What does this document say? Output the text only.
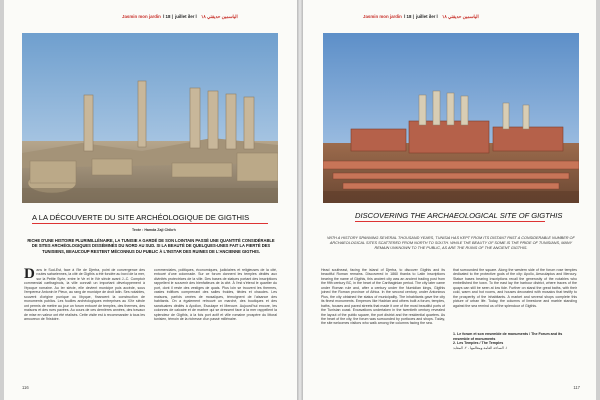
Jasmin mon jardin l 18 | juillet iler l الياسمين حديقتي ١٨
A LA DÉCOUVERTE DU SITE ARCHÉOLOGIQUE DE GIGTHIS
Texte : Hamda Zaji Chikrh
RICHE D'UNE HISTOIRE PLURIMILLÉNAIRE, LA TUNISIE A GARDÉ DE SON LOINTAIN PASSÉ UNE QUANTITÉ CONSIDÉRABLE DE SITES ARCHÉOLOGIQUES DISSÉMINÉS DU NORD AU SUD. SI LA BEAUTÉ DE QUELQUES-UNES FAIT LA FIERTÉ DES TUNISIENS, BEAUCOUP RESTENT MÉCONNUS DU PUBLIC À L'INSTAR DES RUINES DE L'ANCIENNE GIGTHIS.
Dans le Sud-Est, face à l'île de Djerba, point de convergence des routes sahariennes, la cité de Gigthis a été fondée au bord de la mer, sur la Petite Syrte, entre le Ve et le IVe siècle avant J.-C. Comptoir commercial carthaginois, la ville connaît un important développement à l'époque romaine. Au Ier siècle, elle devient municipe puis accède, sous l'empereur Antonin le Pieux, au rang de municipe de droit latin. Ses notables, souvent d'origine punique ou libyque, financent la construction de monuments publics. Les fouilles archéologiques entreprises au XXe siècle ont permis de mettre au jour un forum entouré de temples, des thermes, des maisons et des rues pavées. Au cours de ces dernières années, des travaux de mise en valeur ont été réalisés. Cette visite est à recommander à tous les amoureux de l'histoire.
commerciales, politiques, économiques, judiciaires et religieuses de la cité, entouré d'une colonnade. Sur ce forum donnent les temples dédiés aux divinités protectrices de la ville. Des bases de statues portant des inscriptions rappellent le souvenir des bienfaiteurs de la cité. À l'est s'étend le quartier du port, dont il reste des vestiges de quais. Plus loin se trouvent les thermes, vastes édifices comprenant des salles froides, tièdes et chaudes. Les maisons, parfois ornées de mosaïques, témoignent de l'aisance des habitants. On a également retrouvé un marché, des boutiques et des sanctuaires dédiés à Apollon, Esculape et Mercure. Aujourd'hui encore, les colonnes de calcaire et de marbre qui se dressent face à la mer rappellent la splendeur de Gigthis, à la fois port actif et ville romaine prospère du littoral tunisien, témoin de la richesse d'un passé millénaire.
116
Jasmin mon jardin l 18 | juillet iler l الياسمين حديقتي ١٨
DISCOVERING THE ARCHAEOLOGICAL SITE OF GIGTHIS
WITH A HISTORY SPANNING SEVERAL THOUSAND YEARS, TUNISIA HAS KEPT FROM ITS DISTANT PAST A CONSIDERABLE NUMBER OF ARCHAEOLOGICAL SITES SCATTERED FROM NORTH TO SOUTH. WHILE THE BEAUTY OF SOME IS THE PRIDE OF TUNISIANS, MANY REMAIN UNKNOWN TO THE PUBLIC, AS ARE THE RUINS OF THE ANCIENT GIGTHIS.
Head southeast, facing the island of Djerba, to discover Gigthis and its beautiful Roman remains. Discovered in 1860 thanks to Latin inscriptions bearing the name of Gigthis, this ancient city was an ancient trading post from the fifth century BC, in the heart of the Carthaginian period. The city later came under Roman rule and, after a century under the Numidian kings, Gigthis joined the Roman province of Africa. In the second century, under Antoninus Pius, the city obtained the status of municipality. The inhabitants gave the city its finest monuments. Emperors like Hadrian and others built a forum, temples, baths, houses and paved streets that made it one of the most beautiful ports of the Tunisian coast. Excavations undertaken in the twentieth century revealed the layout of the public square, the port district and the residential quarters. As the heart of the city, the forum was surrounded by porticoes and shops. Today, the site welcomes visitors who walk among the columns facing the sea.
that surrounded the square. Along the western side of the forum rose temples dedicated to the protective gods of the city: Apollo, Aesculapius and Mercury. Statue bases bearing inscriptions recall the generosity of the notables who embellished the town. To the east lay the harbour district, where traces of the quays can still be seen at low tide. Further on stand the great baths, with their cold, warm and hot rooms, and houses decorated with mosaics that testify to the prosperity of the inhabitants. A market and several shops complete this picture of urban life. Today, the columns of limestone and marble standing against the sea remind us of the splendour of Gigthis.
1. Le forum et son ensemble de monuments / The Forum and its ensemble of monuments
2. Les Temples / The Temples
١. الساحة العامة ومعالمها - ٢. المعابد
117
